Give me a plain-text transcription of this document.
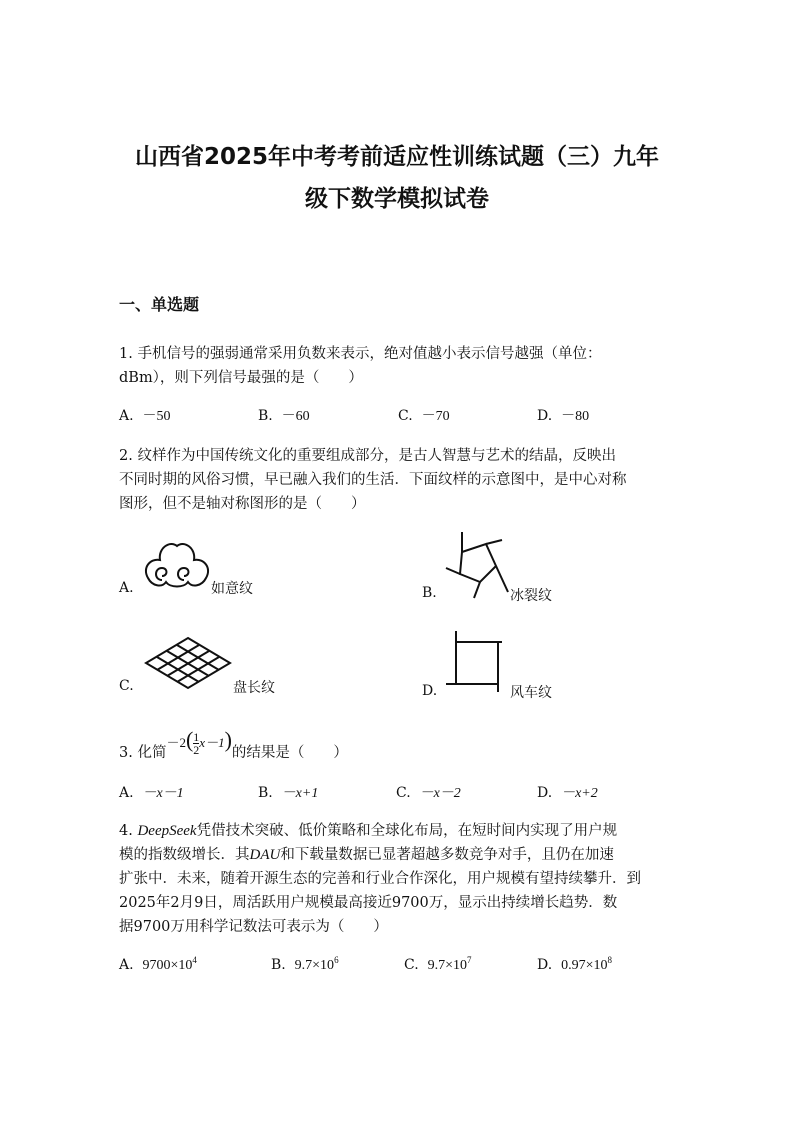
山西省2025年中考考前适应性训练试题（三）九年
级下数学模拟试卷
一、单选题
1. 手机信号的强弱通常采用负数来表示，绝对值越小表示信号越强（单位：
dBm），则下列信号最强的是（　　）
A. －50	B. －60	C. －70	D. －80
2. 纹样作为中国传统文化的重要组成部分，是古人智慧与艺术的结晶，反映出
不同时期的风俗习惯，早已融入我们的生活．下面纹样的示意图中，是中心对称
图形，但不是轴对称图形的是（　　）
A.	如意纹	B.	冰裂纹
C.	盘长纹	D.	风车纹
3. 化简$-2( \frac{1}{2} x-1)$的结果是（　　）
A. －x－1	B. －x+1	C. －x－2	D. －x+2
4. DeepSeek凭借技术突破、低价策略和全球化布局，在短时间内实现了用户规
模的指数级增长．其DAU和下载量数据已显著超越多数竞争对手，且仍在加速
扩张中．未来，随着开源生态的完善和行业合作深化，用户规模有望持续攀升．到
2025年2月9日，周活跃用户规模最高接近9700万，显示出持续增长趋势．数
据9700万用科学记数法可表示为（　　）
A. $9700\times 10^4$	B. $9.7\times 10^6$	C. $9.7\times 10^7$	D. $0.97\times 10^8$
